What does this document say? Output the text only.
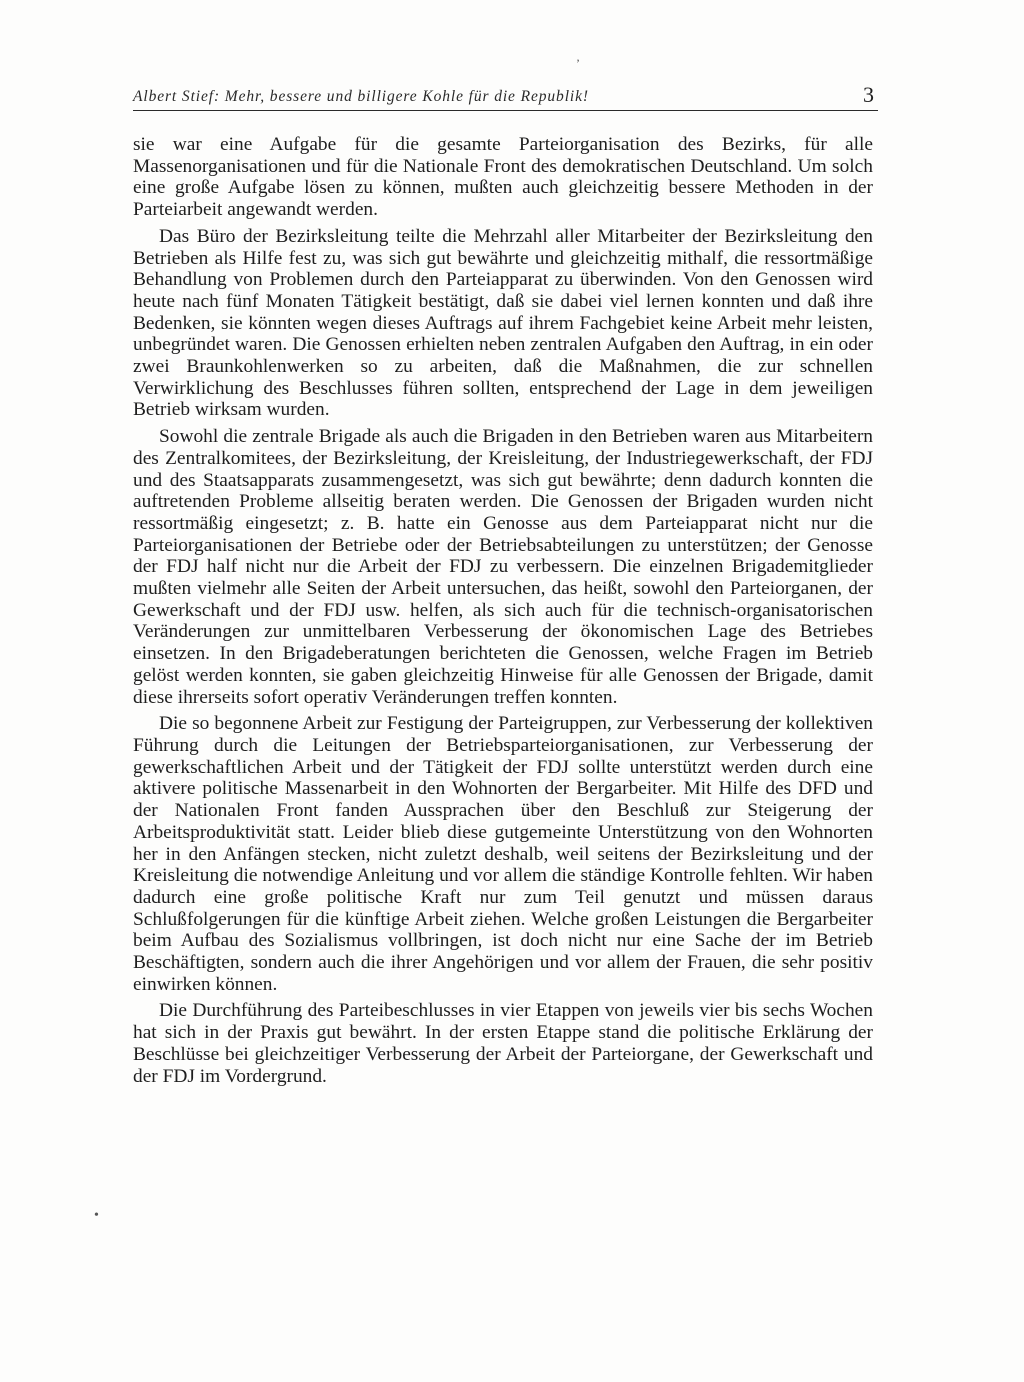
Albert Stief: Mehr, bessere und billigere Kohle für die Republik!	3

sie war eine Aufgabe für die gesamte Parteiorganisation des Bezirks, für alle Massenorganisationen und für die Nationale Front des demokratischen Deutschland. Um solch eine große Aufgabe lösen zu können, mußten auch gleichzeitig bessere Methoden in der Parteiarbeit angewandt werden.

Das Büro der Bezirksleitung teilte die Mehrzahl aller Mitarbeiter der Bezirksleitung den Betrieben als Hilfe fest zu, was sich gut bewährte und gleichzeitig mithalf, die ressortmäßige Behandlung von Problemen durch den Parteiapparat zu überwinden. Von den Genossen wird heute nach fünf Monaten Tätigkeit bestätigt, daß sie dabei viel lernen konnten und daß ihre Bedenken, sie könnten wegen dieses Auftrags auf ihrem Fachgebiet keine Arbeit mehr leisten, unbegründet waren. Die Genossen erhielten neben zentralen Aufgaben den Auftrag, in ein oder zwei Braunkohlenwerken so zu arbeiten, daß die Maßnahmen, die zur schnellen Verwirklichung des Beschlusses führen sollten, entsprechend der Lage in dem jeweiligen Betrieb wirksam wurden.

Sowohl die zentrale Brigade als auch die Brigaden in den Betrieben waren aus Mitarbeitern des Zentralkomitees, der Bezirksleitung, der Kreisleitung, der Industriegewerkschaft, der FDJ und des Staatsapparats zusammengesetzt, was sich gut bewährte; denn dadurch konnten die auftretenden Probleme allseitig beraten werden. Die Genossen der Brigaden wurden nicht ressortmäßig eingesetzt; z. B. hatte ein Genosse aus dem Parteiapparat nicht nur die Parteiorganisationen der Betriebe oder der Betriebsabteilungen zu unterstützen; der Genosse der FDJ half nicht nur die Arbeit der FDJ zu verbessern. Die einzelnen Brigademitglieder mußten vielmehr alle Seiten der Arbeit untersuchen, das heißt, sowohl den Parteiorganen, der Gewerkschaft und der FDJ usw. helfen, als sich auch für die technisch-organisatorischen Veränderungen zur unmittelbaren Verbesserung der ökonomischen Lage des Betriebes einsetzen. In den Brigadeberatungen berichteten die Genossen, welche Fragen im Betrieb gelöst werden konnten, sie gaben gleichzeitig Hinweise für alle Genossen der Brigade, damit diese ihrerseits sofort operativ Veränderungen treffen konnten.

Die so begonnene Arbeit zur Festigung der Parteigruppen, zur Verbesserung der kollektiven Führung durch die Leitungen der Betriebsparteiorganisationen, zur Verbesserung der gewerkschaftlichen Arbeit und der Tätigkeit der FDJ sollte unterstützt werden durch eine aktivere politische Massenarbeit in den Wohnorten der Bergarbeiter. Mit Hilfe des DFD und der Nationalen Front fanden Aussprachen über den Beschluß zur Steigerung der Arbeitsproduktivität statt. Leider blieb diese gutgemeinte Unterstützung von den Wohnorten her in den Anfängen stecken, nicht zuletzt deshalb, weil seitens der Bezirksleitung und der Kreisleitung die notwendige Anleitung und vor allem die ständige Kontrolle fehlten. Wir haben dadurch eine große politische Kraft nur zum Teil genutzt und müssen daraus Schlußfolgerungen für die künftige Arbeit ziehen. Welche großen Leistungen die Bergarbeiter beim Aufbau des Sozialismus vollbringen, ist doch nicht nur eine Sache der im Betrieb Beschäftigten, sondern auch die ihrer Angehörigen und vor allem der Frauen, die sehr positiv einwirken können.

Die Durchführung des Parteibeschlusses in vier Etappen von jeweils vier bis sechs Wochen hat sich in der Praxis gut bewährt. In der ersten Etappe stand die politische Erklärung der Beschlüsse bei gleichzeitiger Verbesserung der Arbeit der Parteiorgane, der Gewerkschaft und der FDJ im Vordergrund.

’
•
